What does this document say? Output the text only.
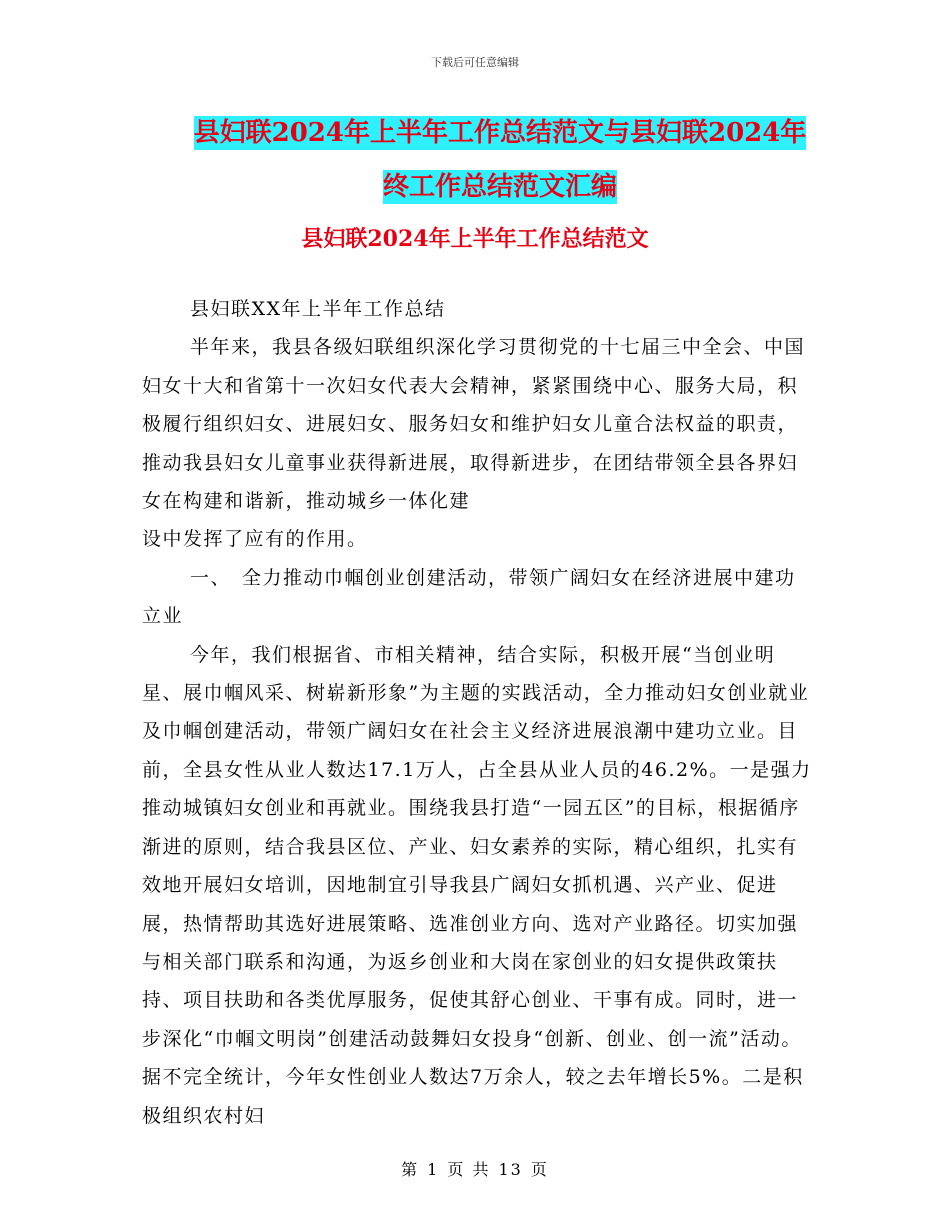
下载后可任意编辑
县妇联2024年上半年工作总结范文与县妇联2024年
终工作总结范文汇编
县妇联2024年上半年工作总结范文

县妇联XX年上半年工作总结

半年来，我县各级妇联组织深化学习贯彻党的十七届三中全会、中国妇女十大和省第十一次妇女代表大会精神，紧紧围绕中心、服务大局，积极履行组织妇女、进展妇女、服务妇女和维护妇女儿童合法权益的职责，推动我县妇女儿童事业获得新进展，取得新进步，在团结带领全县各界妇女在构建和谐新，推动城乡一体化建

设中发挥了应有的作用。

一、　全力推动巾帼创业创建活动，带领广阔妇女在经济进展中建功立业

今年，我们根据省、市相关精神，结合实际，积极开展“当创业明星、展巾帼风采、树崭新形象”为主题的实践活动，全力推动妇女创业就业及巾帼创建活动，带领广阔妇女在社会主义经济进展浪潮中建功立业。目前，全县女性从业人数达17.1万人，占全县从业人员的46.2%。一是强力推动城镇妇女创业和再就业。围绕我县打造“一园五区”的目标，根据循序渐进的原则，结合我县区位、产业、妇女素养的实际，精心组织，扎实有效地开展妇女培训，因地制宜引导我县广阔妇女抓机遇、兴产业、促进展，热情帮助其选好进展策略、选准创业方向、选对产业路径。切实加强与相关部门联系和沟通，为返乡创业和大岗在家创业的妇女提供政策扶持、项目扶助和各类优厚服务，促使其舒心创业、干事有成。同时，进一步深化“巾帼文明岗”创建活动鼓舞妇女投身“创新、创业、创一流”活动。据不完全统计，今年女性创业人数达7万余人，较之去年增长5%。二是积极组织农村妇

第 1 页 共 13 页
